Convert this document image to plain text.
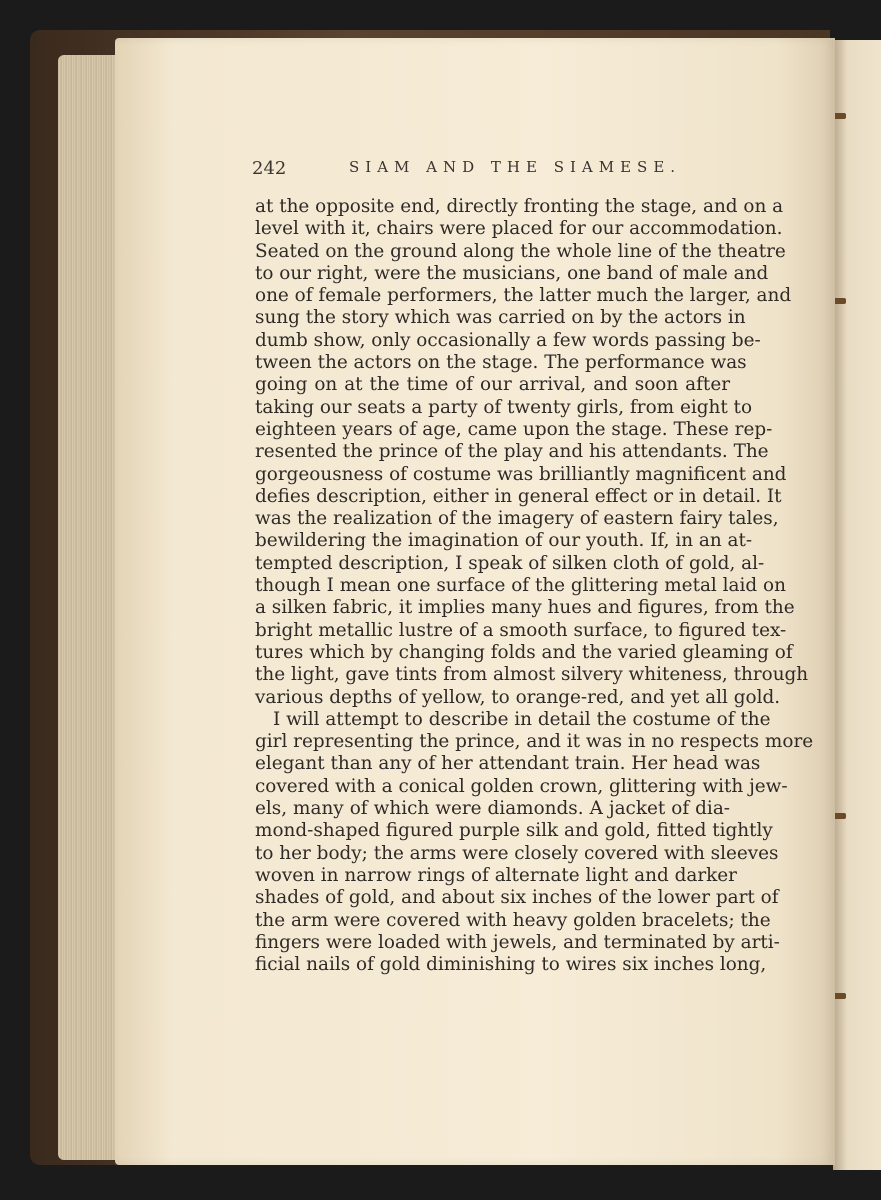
242	SIAM AND THE SIAMESE.
at the opposite end, directly fronting the stage, and on a
level with it, chairs were placed for our accommodation.
Seated on the ground along the whole line of the theatre
to our right, were the musicians, one band of male and
one of female performers, the latter much the larger, and
sung the story which was carried on by the actors in
dumb show, only occasionally a few words passing be-
tween the actors on the stage. The performance was
going on at the time of our arrival, and soon after
taking our seats a party of twenty girls, from eight to
eighteen years of age, came upon the stage. These rep-
resented the prince of the play and his attendants. The
gorgeousness of costume was brilliantly magnificent and
defies description, either in general effect or in detail. It
was the realization of the imagery of eastern fairy tales,
bewildering the imagination of our youth. If, in an at-
tempted description, I speak of silken cloth of gold, al-
though I mean one surface of the glittering metal laid on
a silken fabric, it implies many hues and figures, from the
bright metallic lustre of a smooth surface, to figured tex-
tures which by changing folds and the varied gleaming of
the light, gave tints from almost silvery whiteness, through
various depths of yellow, to orange-red, and yet all gold.
I will attempt to describe in detail the costume of the
girl representing the prince, and it was in no respects more
elegant than any of her attendant train. Her head was
covered with a conical golden crown, glittering with jew-
els, many of which were diamonds. A jacket of dia-
mond-shaped figured purple silk and gold, fitted tightly
to her body; the arms were closely covered with sleeves
woven in narrow rings of alternate light and darker
shades of gold, and about six inches of the lower part of
the arm were covered with heavy golden bracelets; the
fingers were loaded with jewels, and terminated by arti-
ficial nails of gold diminishing to wires six inches long,
